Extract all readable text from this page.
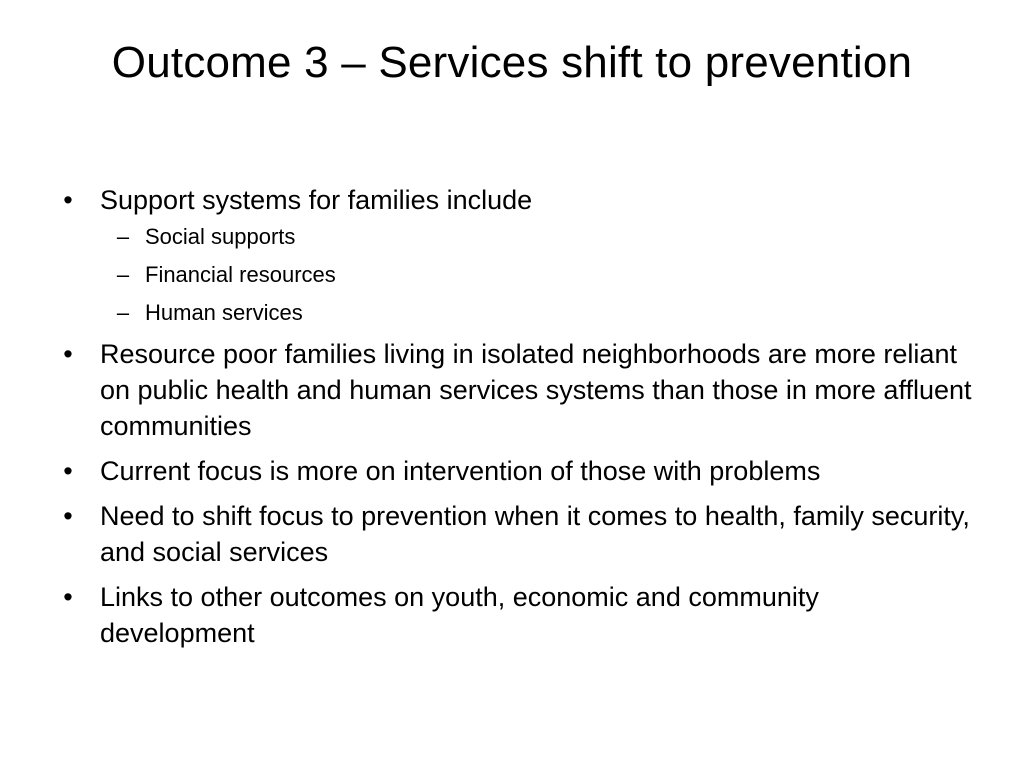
Outcome 3 – Services shift to prevention
• Support systems for families include
– Social supports
– Financial resources
– Human services
• Resource poor families living in isolated neighborhoods are more reliant on public health and human services systems than those in more affluent communities
• Current focus is more on intervention of those with problems
• Need to shift focus to prevention when it comes to health, family security, and social services
• Links to other outcomes on youth, economic and community development
